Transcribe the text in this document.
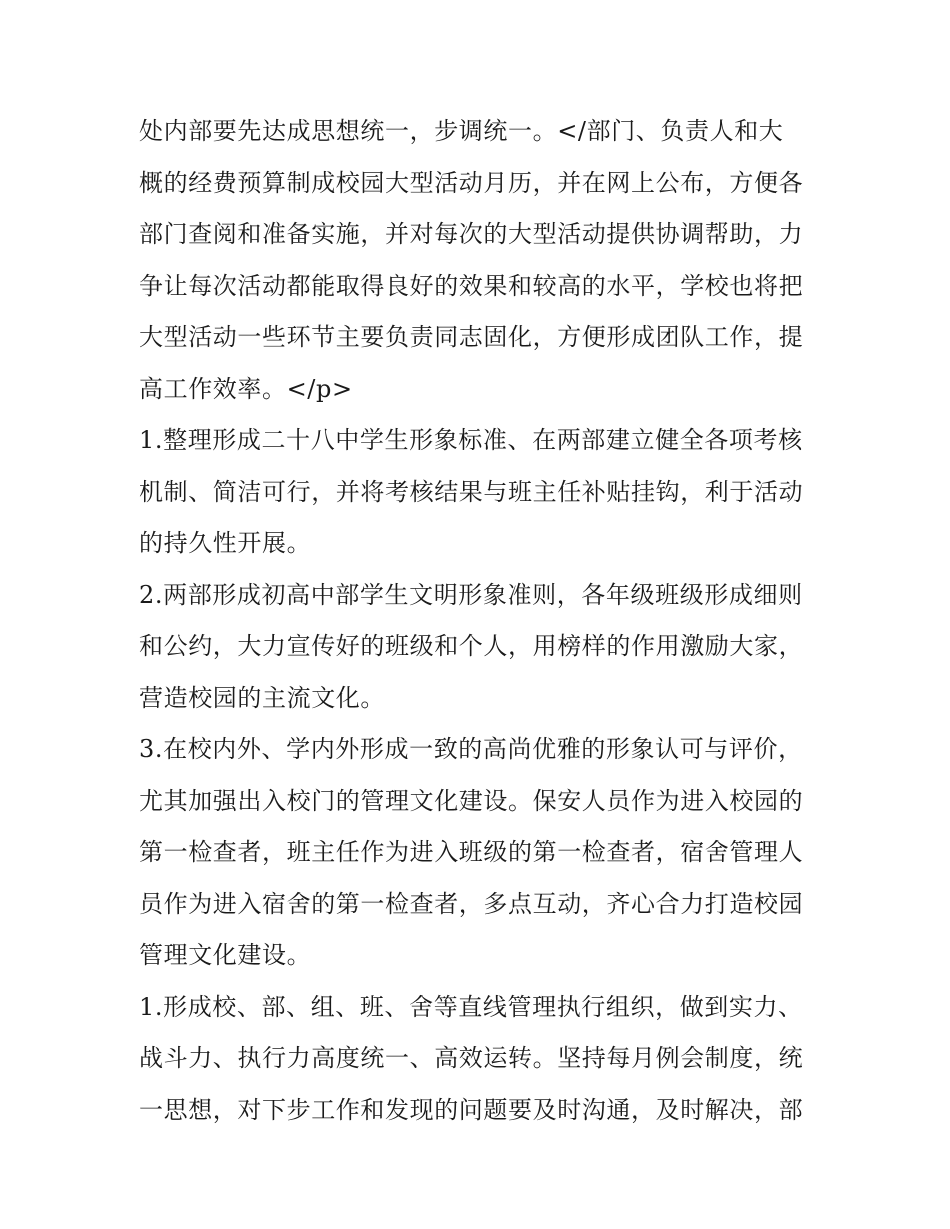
处内部要先达成思想统一，步调统一。</部门、负责人和大
概的经费预算制成校园大型活动月历，并在网上公布，方便各
部门查阅和准备实施，并对每次的大型活动提供协调帮助，力
争让每次活动都能取得良好的效果和较高的水平，学校也将把
大型活动一些环节主要负责同志固化，方便形成团队工作，提
高工作效率。</p>
1.整理形成二十八中学生形象标准、在两部建立健全各项考核
机制、简洁可行，并将考核结果与班主任补贴挂钩，利于活动
的持久性开展。
2.两部形成初高中部学生文明形象准则，各年级班级形成细则
和公约，大力宣传好的班级和个人，用榜样的作用激励大家，
营造校园的主流文化。
3.在校内外、学内外形成一致的高尚优雅的形象认可与评价，
尤其加强出入校门的管理文化建设。保安人员作为进入校园的
第一检查者，班主任作为进入班级的第一检查者，宿舍管理人
员作为进入宿舍的第一检查者，多点互动，齐心合力打造校园
管理文化建设。
1.形成校、部、组、班、舍等直线管理执行组织，做到实力、
战斗力、执行力高度统一、高效运转。坚持每月例会制度，统
一思想，对下步工作和发现的问题要及时沟通，及时解决，部
